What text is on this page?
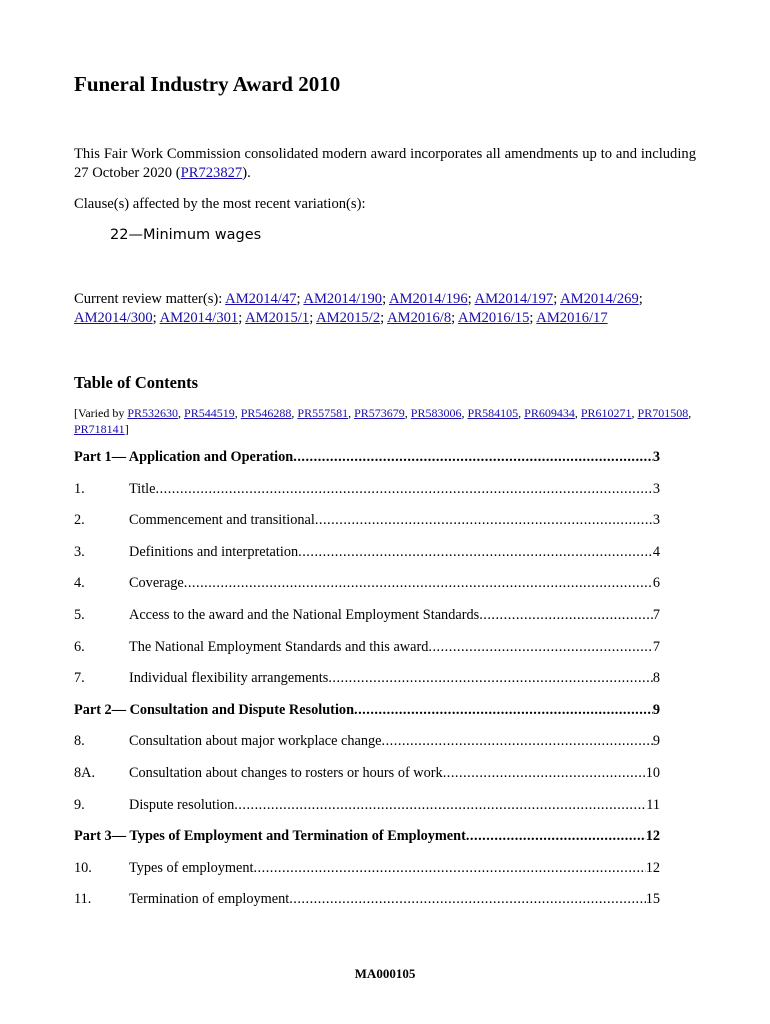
Funeral Industry Award 2010
This Fair Work Commission consolidated modern award incorporates all amendments up to and including 27 October 2020 (PR723827).
Clause(s) affected by the most recent variation(s):
22—Minimum wages
Current review matter(s): AM2014/47; AM2014/190; AM2014/196; AM2014/197; AM2014/269; AM2014/300; AM2014/301; AM2015/1; AM2015/2; AM2016/8; AM2016/15; AM2016/17
Table of Contents
[Varied by PR532630, PR544519, PR546288, PR557581, PR573679, PR583006, PR584105, PR609434, PR610271, PR701508, PR718141]
Part 1— Application and Operation .....	3
1.	Title .....	3
2.	Commencement and transitional .....	3
3.	Definitions and interpretation .....	4
4.	Coverage .....	6
5.	Access to the award and the National Employment Standards .....	7
6.	The National Employment Standards and this award .....	7
7.	Individual flexibility arrangements .....	8
Part 2— Consultation and Dispute Resolution .....	9
8.	Consultation about major workplace change .....	9
8A.	Consultation about changes to rosters or hours of work .....	10
9.	Dispute resolution .....	11
Part 3— Types of Employment and Termination of Employment .....	12
10.	Types of employment .....	12
11.	Termination of employment .....	15
MA000105
